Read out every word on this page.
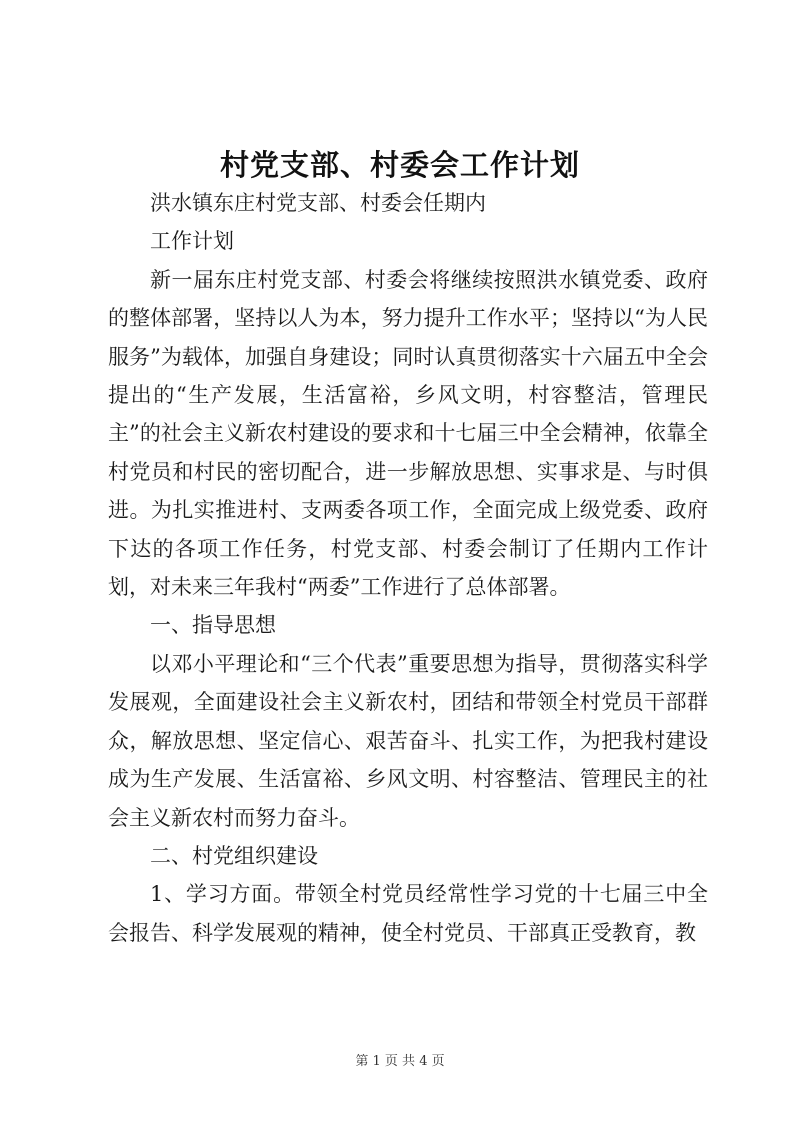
村党支部、村委会工作计划

洪水镇东庄村党支部、村委会任期内

工作计划

新一届东庄村党支部、村委会将继续按照洪水镇党委、政府的整体部署，坚持以人为本，努力提升工作水平；坚持以“为人民服务”为载体，加强自身建设；同时认真贯彻落实十六届五中全会提出的“生产发展，生活富裕，乡风文明，村容整洁，管理民主”的社会主义新农村建设的要求和十七届三中全会精神，依靠全村党员和村民的密切配合，进一步解放思想、实事求是、与时俱进。为扎实推进村、支两委各项工作，全面完成上级党委、政府下达的各项工作任务，村党支部、村委会制订了任期内工作计划，对未来三年我村“两委”工作进行了总体部署。

一、指导思想

以邓小平理论和“三个代表”重要思想为指导，贯彻落实科学发展观，全面建设社会主义新农村，团结和带领全村党员干部群众，解放思想、坚定信心、艰苦奋斗、扎实工作，为把我村建设成为生产发展、生活富裕、乡风文明、村容整洁、管理民主的社会主义新农村而努力奋斗。

二、村党组织建设

1、学习方面。带领全村党员经常性学习党的十七届三中全会报告、科学发展观的精神，使全村党员、干部真正受教育，教

第 1 页 共 4 页
